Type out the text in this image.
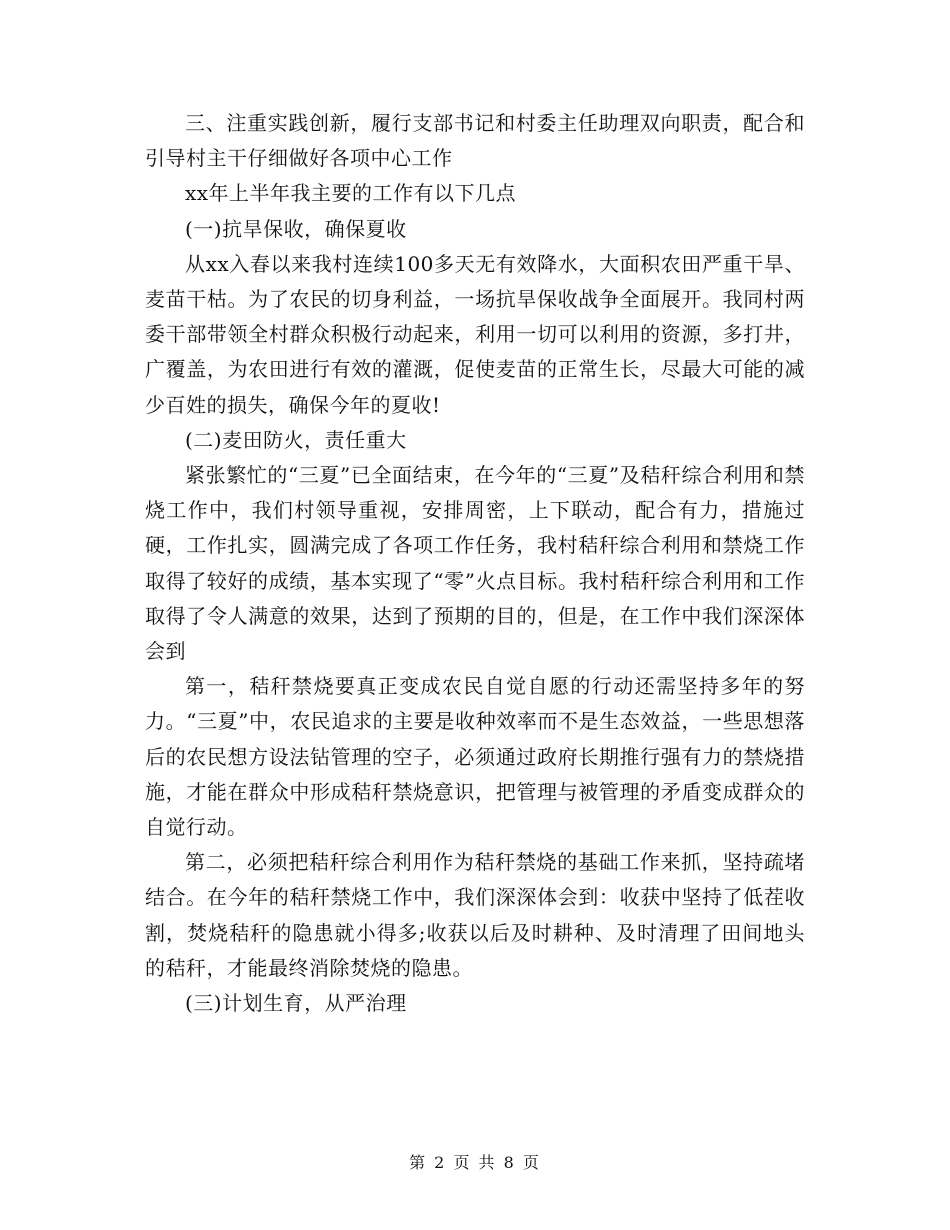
三、注重实践创新，履行支部书记和村委主任助理双向职责，配合和引导村主干仔细做好各项中心工作

xx年上半年我主要的工作有以下几点

(一)抗旱保收，确保夏收

从xx入春以来我村连续100多天无有效降水，大面积农田严重干旱、麦苗干枯。为了农民的切身利益，一场抗旱保收战争全面展开。我同村两委干部带领全村群众积极行动起来，利用一切可以利用的资源，多打井，广覆盖，为农田进行有效的灌溉，促使麦苗的正常生长，尽最大可能的减少百姓的损失，确保今年的夏收!

(二)麦田防火，责任重大

紧张繁忙的“三夏”已全面结束，在今年的“三夏”及秸秆综合利用和禁烧工作中，我们村领导重视，安排周密，上下联动，配合有力，措施过硬，工作扎实，圆满完成了各项工作任务，我村秸秆综合利用和禁烧工作取得了较好的成绩，基本实现了“零”火点目标。我村秸秆综合利用和工作取得了令人满意的效果，达到了预期的目的，但是，在工作中我们深深体会到

第一，秸秆禁烧要真正变成农民自觉自愿的行动还需坚持多年的努力。“三夏”中，农民追求的主要是收种效率而不是生态效益，一些思想落后的农民想方设法钻管理的空子，必须通过政府长期推行强有力的禁烧措施，才能在群众中形成秸秆禁烧意识，把管理与被管理的矛盾变成群众的自觉行动。

第二，必须把秸秆综合利用作为秸秆禁烧的基础工作来抓，坚持疏堵结合。在今年的秸秆禁烧工作中，我们深深体会到：收获中坚持了低茬收割，焚烧秸秆的隐患就小得多;收获以后及时耕种、及时清理了田间地头的秸秆，才能最终消除焚烧的隐患。

(三)计划生育，从严治理

第 2 页 共 8 页
